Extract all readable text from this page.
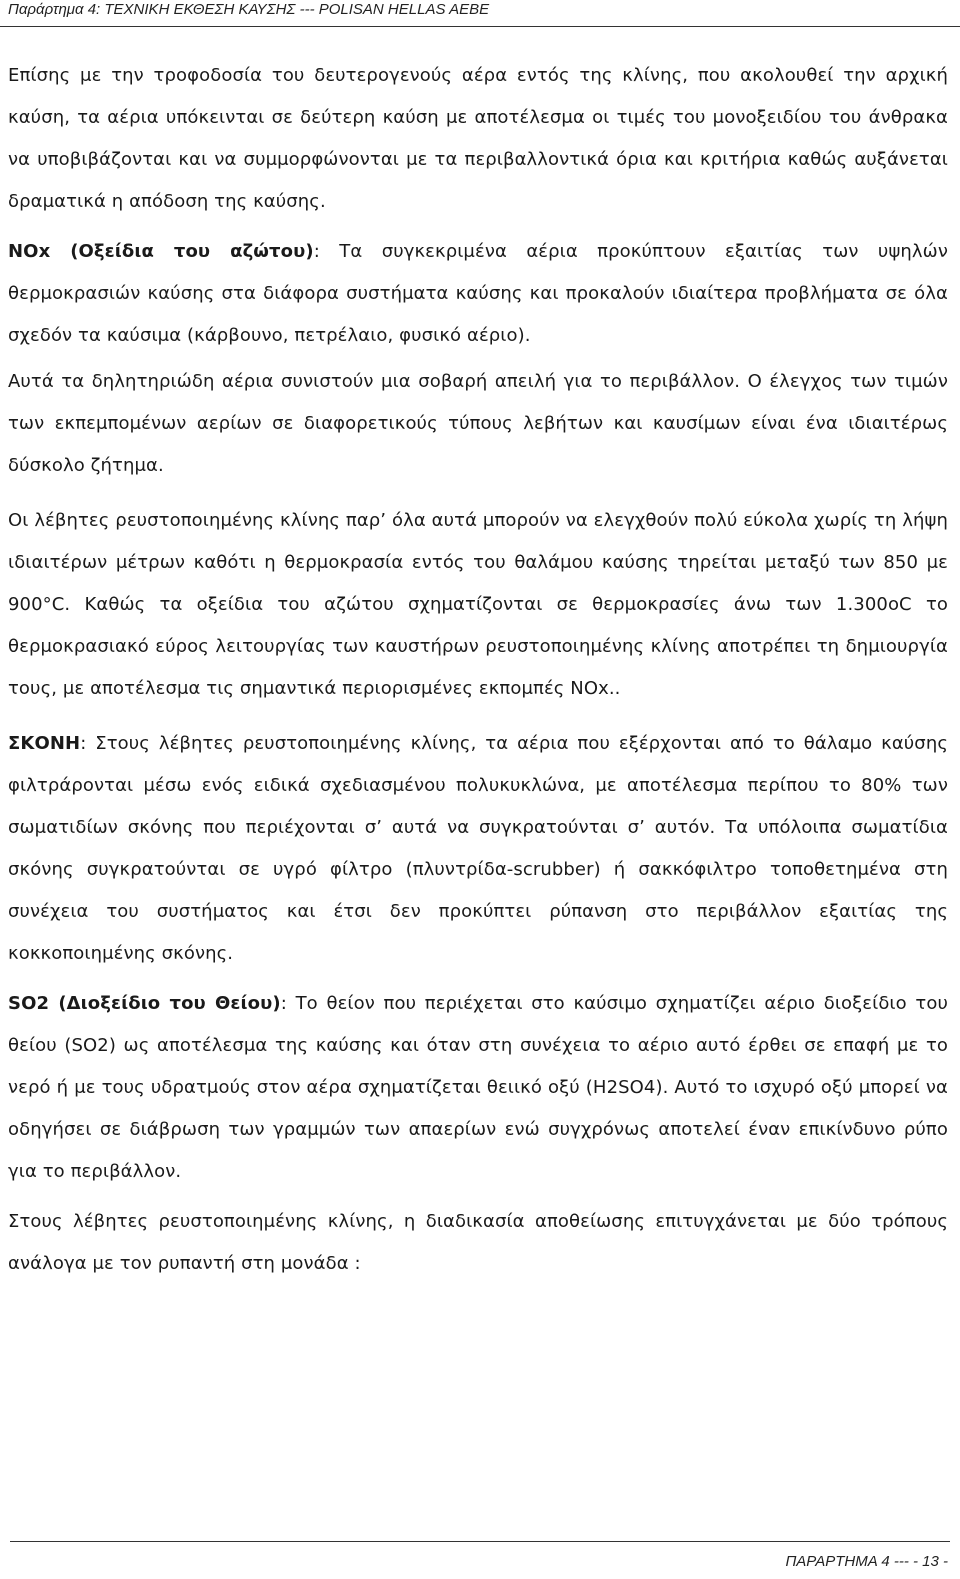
Παράρτημα 4: ΤΕΧΝΙΚΗ ΕΚΘΕΣΗ ΚΑΥΣΗΣ --- POLISAN HELLAS AEBE

Επίσης με την τροφοδοσία του δευτερογενούς αέρα εντός της κλίνης, που ακολουθεί την αρχική καύση, τα αέρια υπόκεινται σε δεύτερη καύση με αποτέλεσμα οι τιμές του μονοξειδίου του άνθρακα να υποβιβάζονται και να συμμορφώνονται με τα περιβαλλοντικά όρια και κριτήρια καθώς αυξάνεται δραματικά η απόδοση της καύσης.

NOx (Οξείδια του αζώτου): Τα συγκεκριμένα αέρια προκύπτουν εξαιτίας των υψηλών θερμοκρασιών καύσης στα διάφορα συστήματα καύσης και προκαλούν ιδιαίτερα προβλήματα σε όλα σχεδόν τα καύσιμα (κάρβουνο, πετρέλαιο, φυσικό αέριο).

Αυτά τα δηλητηριώδη αέρια συνιστούν μια σοβαρή απειλή για το περιβάλλον. Ο έλεγχος των τιμών των εκπεμπομένων αερίων σε διαφορετικούς τύπους λεβήτων και καυσίμων είναι ένα ιδιαιτέρως δύσκολο ζήτημα.

Οι λέβητες ρευστοποιημένης κλίνης παρ’ όλα αυτά μπορούν να ελεγχθούν πολύ εύκολα χωρίς τη λήψη ιδιαιτέρων μέτρων καθότι η θερμοκρασία εντός του θαλάμου καύσης τηρείται μεταξύ των 850 με 900°C. Καθώς τα οξείδια του αζώτου σχηματίζονται σε θερμοκρασίες άνω των 1.300οC το θερμοκρασιακό εύρος λειτουργίας των καυστήρων ρευστοποιημένης κλίνης αποτρέπει τη δημιουργία τους, με αποτέλεσμα τις σημαντικά περιορισμένες εκπομπές NOx..

ΣΚΟΝΗ: Στους λέβητες ρευστοποιημένης κλίνης, τα αέρια που εξέρχονται από το θάλαμο καύσης φιλτράρονται μέσω ενός ειδικά σχεδιασμένου πολυκυκλώνα, με αποτέλεσμα περίπου το 80% των σωματιδίων σκόνης που περιέχονται σ’ αυτά να συγκρατούνται σ’ αυτόν. Τα υπόλοιπα σωματίδια σκόνης συγκρατούνται σε υγρό φίλτρο (πλυντρίδα-scrubber) ή σακκόφιλτρο τοποθετημένα στη συνέχεια του συστήματος και έτσι δεν προκύπτει ρύπανση στο περιβάλλον εξαιτίας της κοκκοποιημένης σκόνης.

SO2 (Διοξείδιο του Θείου): Το θείον που περιέχεται στο καύσιμο σχηματίζει αέριο διοξείδιο του θείου (SO2) ως αποτέλεσμα της καύσης και όταν στη συνέχεια το αέριο αυτό έρθει σε επαφή με το νερό ή με τους υδρατμούς στον αέρα σχηματίζεται θειικό οξύ (H2SO4). Αυτό το ισχυρό οξύ μπορεί να οδηγήσει σε διάβρωση των γραμμών των απαερίων ενώ συγχρόνως αποτελεί έναν επικίνδυνο ρύπο για το περιβάλλον.

Στους λέβητες ρευστοποιημένης κλίνης, η διαδικασία αποθείωσης επιτυγχάνεται με δύο τρόπους ανάλογα με τον ρυπαντή στη μονάδα :

ΠΑΡΑΡΤΗΜΑ 4 --- - 13 -
